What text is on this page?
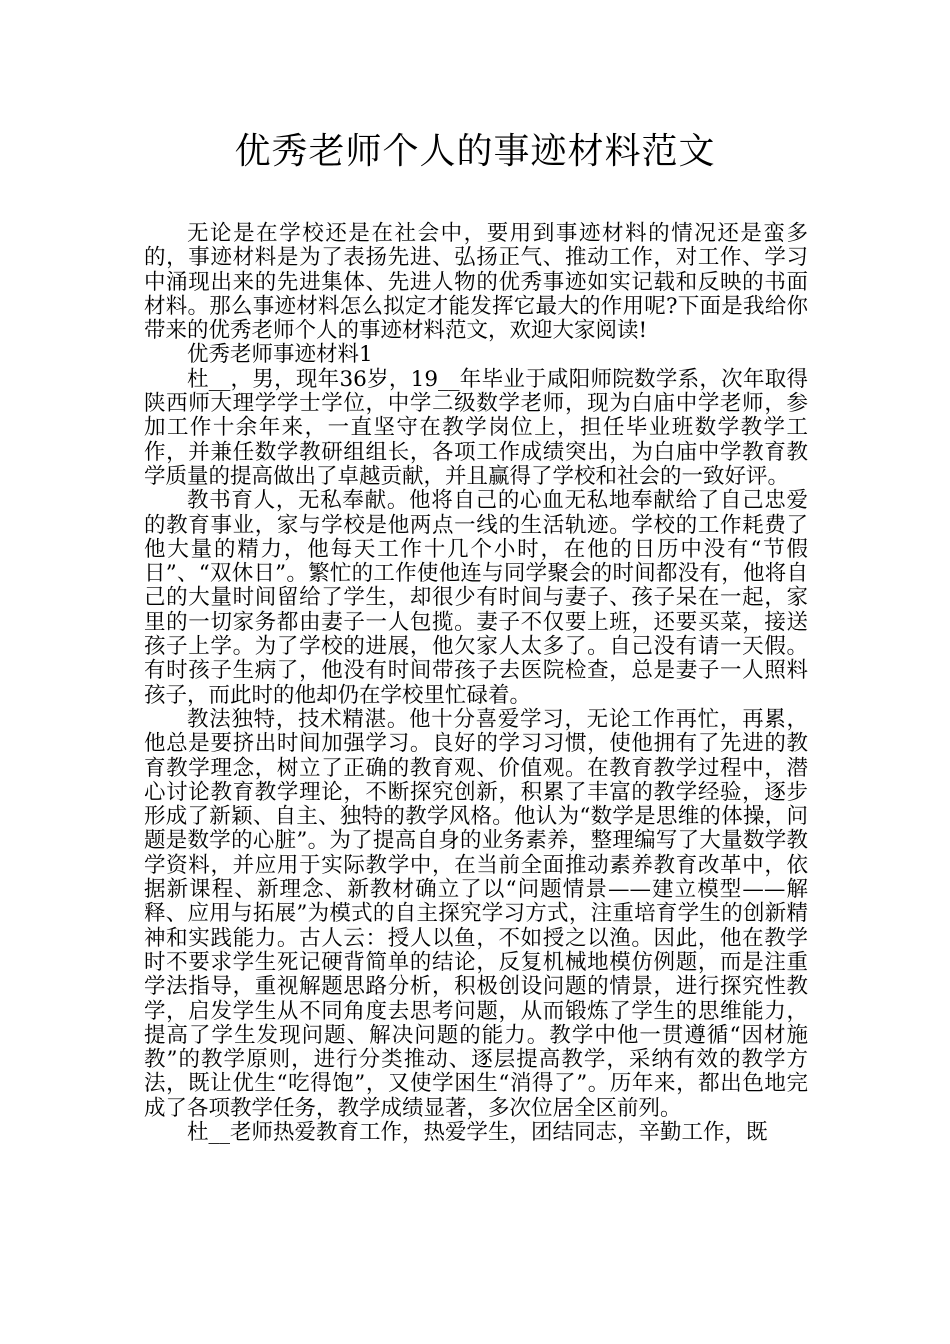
优秀老师个人的事迹材料范文

无论是在学校还是在社会中，要用到事迹材料的情况还是蛮多的，事迹材料是为了表扬先进、弘扬正气、推动工作，对工作、学习中涌现出来的先进集体、先进人物的优秀事迹如实记载和反映的书面材料。那么事迹材料怎么拟定才能发挥它最大的作用呢?下面是我给你带来的优秀老师个人的事迹材料范文，欢迎大家阅读!

优秀老师事迹材料1

杜__，男，现年36岁，19__年毕业于咸阳师院数学系，次年取得陕西师大理学学士学位，中学二级数学老师，现为白庙中学老师，参加工作十余年来，一直坚守在教学岗位上，担任毕业班数学教学工作，并兼任数学教研组组长，各项工作成绩突出，为白庙中学教育教学质量的提高做出了卓越贡献，并且赢得了学校和社会的一致好评。

教书育人，无私奉献。他将自己的心血无私地奉献给了自己忠爱的教育事业，家与学校是他两点一线的生活轨迹。学校的工作耗费了他大量的精力，他每天工作十几个小时，在他的日历中没有“节假日”、“双休日”。繁忙的工作使他连与同学聚会的时间都没有，他将自己的大量时间留给了学生，却很少有时间与妻子、孩子呆在一起，家里的一切家务都由妻子一人包揽。妻子不仅要上班，还要买菜，接送孩子上学。为了学校的进展，他欠家人太多了。自己没有请一天假。有时孩子生病了，他没有时间带孩子去医院检查，总是妻子一人照料孩子，而此时的他却仍在学校里忙碌着。

教法独特，技术精湛。他十分喜爱学习，无论工作再忙，再累，他总是要挤出时间加强学习。良好的学习习惯，使他拥有了先进的教育教学理念，树立了正确的教育观、价值观。在教育教学过程中，潜心讨论教育教学理论，不断探究创新，积累了丰富的教学经验，逐步形成了新颖、自主、独特的教学风格。他认为“数学是思维的体操，问题是数学的心脏”。为了提高自身的业务素养，整理编写了大量数学教学资料，并应用于实际教学中，在当前全面推动素养教育改革中，依据新课程、新理念、新教材确立了以“问题情景——建立模型——解释、应用与拓展”为模式的自主探究学习方式，注重培育学生的创新精神和实践能力。古人云：授人以鱼，不如授之以渔。因此，他在教学时不要求学生死记硬背简单的结论，反复机械地模仿例题，而是注重学法指导，重视解题思路分析，积极创设问题的情景，进行探究性教学，启发学生从不同角度去思考问题，从而锻炼了学生的思维能力，提高了学生发现问题、解决问题的能力。教学中他一贯遵循“因材施教”的教学原则，进行分类推动、逐层提高教学，采纳有效的教学方法，既让优生“吃得饱”，又使学困生“消得了”。历年来，都出色地完成了各项教学任务，教学成绩显著，多次位居全区前列。

杜__老师热爱教育工作，热爱学生，团结同志，辛勤工作，既
